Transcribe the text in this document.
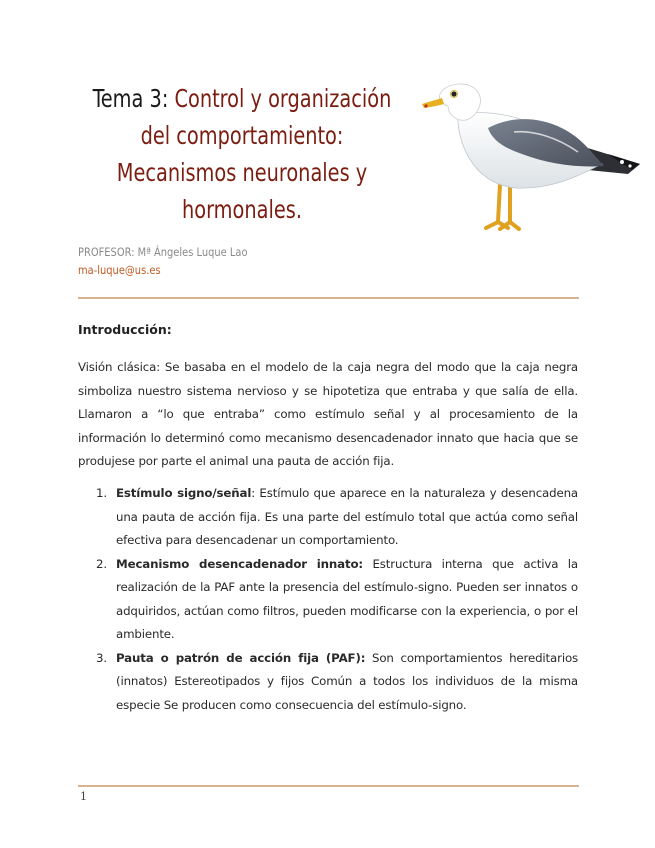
Tema 3: Control y organización del comportamiento: Mecanismos neuronales y hormonales.
PROFESOR: Mª Ángeles Luque Lao
ma-luque@us.es
Introducción:
Visión clásica: Se basaba en el modelo de la caja negra del modo que la caja negra simboliza nuestro sistema nervioso y se hipotetiza que entraba y que salía de ella. Llamaron a “lo que entraba” como estímulo señal y al procesamiento de la información lo determinó como mecanismo desencadenador innato que hacia que se produjese por parte el animal una pauta de acción fija.
1. Estímulo signo/señal: Estímulo que aparece en la naturaleza y desencadena una pauta de acción fija. Es una parte del estímulo total que actúa como señal efectiva para desencadenar un comportamiento.
2. Mecanismo desencadenador innato: Estructura interna que activa la realización de la PAF ante la presencia del estímulo-signo. Pueden ser innatos o adquiridos, actúan como filtros, pueden modificarse con la experiencia, o por el ambiente.
3. Pauta o patrón de acción fija (PAF): Son comportamientos hereditarios (innatos) Estereotipados y fijos Común a todos los individuos de la misma especie Se producen como consecuencia del estímulo-signo.
1
